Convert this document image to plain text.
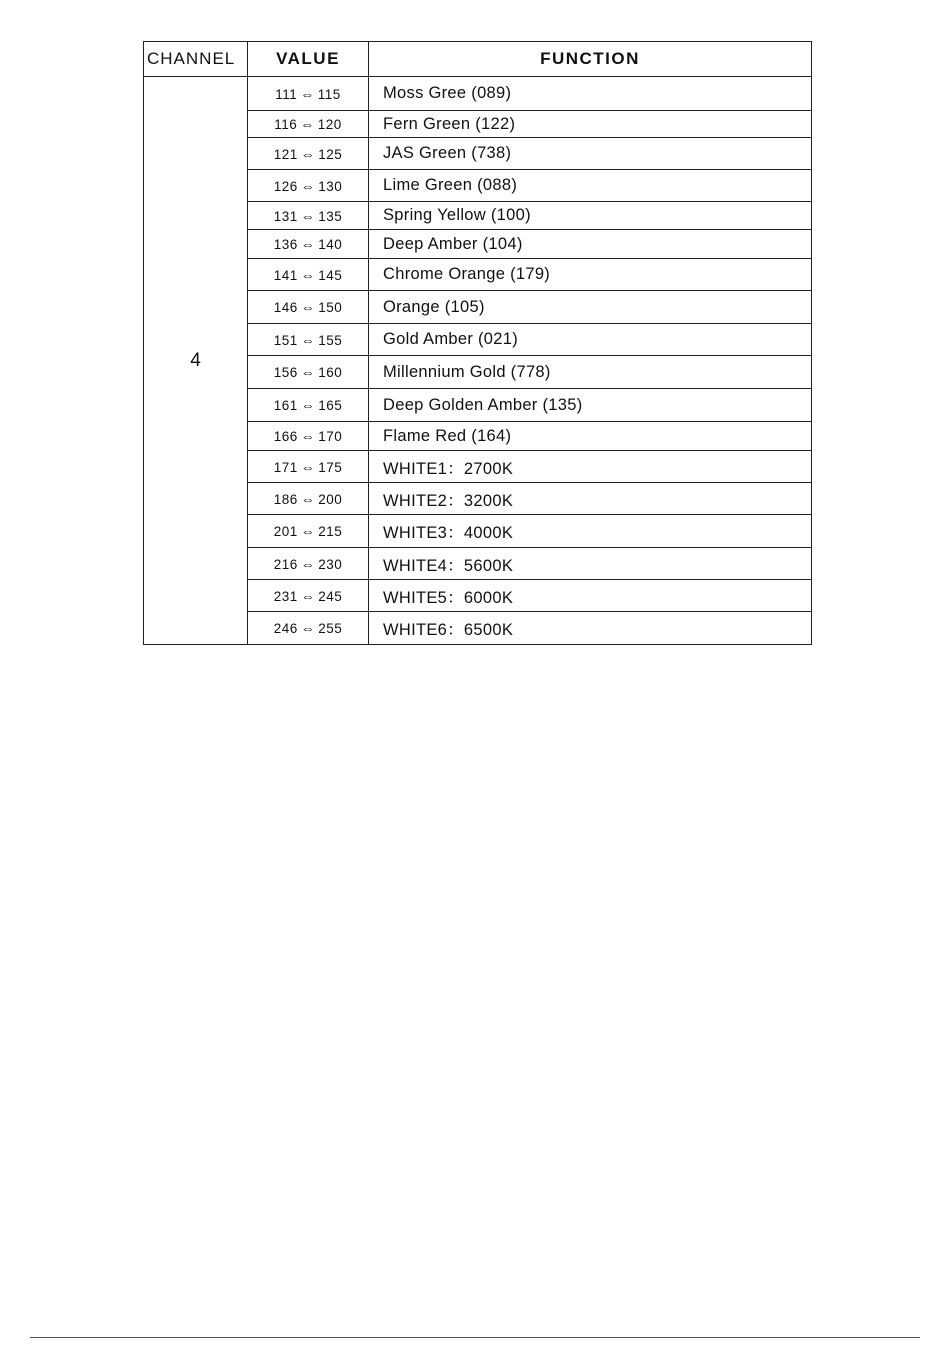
CHANNEL	VALUE	FUNCTION
4	111 ⇔ 115	Moss Gree (089)
	116 ⇔ 120	Fern Green (122)
	121 ⇔ 125	JAS Green (738)
	126 ⇔ 130	Lime Green (088)
	131 ⇔ 135	Spring Yellow (100)
	136 ⇔ 140	Deep Amber (104)
	141 ⇔ 145	Chrome Orange (179)
	146 ⇔ 150	Orange (105)
	151 ⇔ 155	Gold Amber (021)
	156 ⇔ 160	Millennium Gold (778)
	161 ⇔ 165	Deep Golden Amber (135)
	166 ⇔ 170	Flame Red (164)
	171 ⇔ 175	WHITE1：2700K
	186 ⇔ 200	WHITE2：3200K
	201 ⇔ 215	WHITE3：4000K
	216 ⇔ 230	WHITE4：5600K
	231 ⇔ 245	WHITE5：6000K
	246 ⇔ 255	WHITE6：6500K
